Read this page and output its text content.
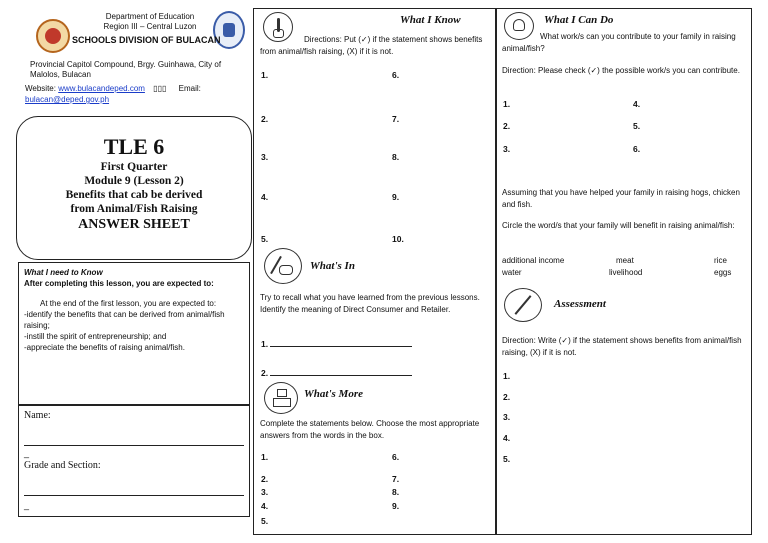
Department of Education
Region III – Central Luzon
SCHOOLS DIVISION OF BULACAN
Provincial Capitol Compound, Brgy. Guinhawa, City of Malolos, Bulacan
Website: www.bulacandeped.com ▯▯▯ Email:
bulacan@deped.gov.ph
TLE 6
First Quarter
Module 9 (Lesson 2)
Benefits that cab be derived
from Animal/Fish Raising
ANSWER SHEET
What I need to Know
After completing this lesson, you are expected to:
At the end of the first lesson, you are expected to:
-identify the benefits that can be derived from animal/fish raising;
-instill the spirit of entrepreneurship; and
-appreciate the benefits of raising animal/fish.
Name:
_
Grade and Section:
_
What I Know
Directions: Put (✓) if the statement shows benefits from animal/fish raising, (X) if it is not.
1.
2.
3.
4.
5.
6.
7.
8.
9.
10.
What's In
Try to recall what you have learned from the previous lessons. Identify the meaning of Direct Consumer and Retailer.
1.
2.
What's More
Complete the statements below. Choose the most appropriate answers from the words in the box.
1.
2.
3.
4.
5.
6.
7.
8.
9.
What I Can Do
What work/s can you contribute to your family in raising animal/fish?
Direction: Please check (✓) the possible work/s you can contribute.
1.
2.
3.
4.
5.
6.
Assuming that you have helped your family in raising hogs, chicken and fish.
Circle the word/s that your family will benefit in raising animal/fish:
additional income	meat	rice
water	livelihood	eggs
Assessment
Direction: Write (✓) if the statement shows benefits from animal/fish raising, (X) if it is not.
1.
2.
3.
4.
5.
